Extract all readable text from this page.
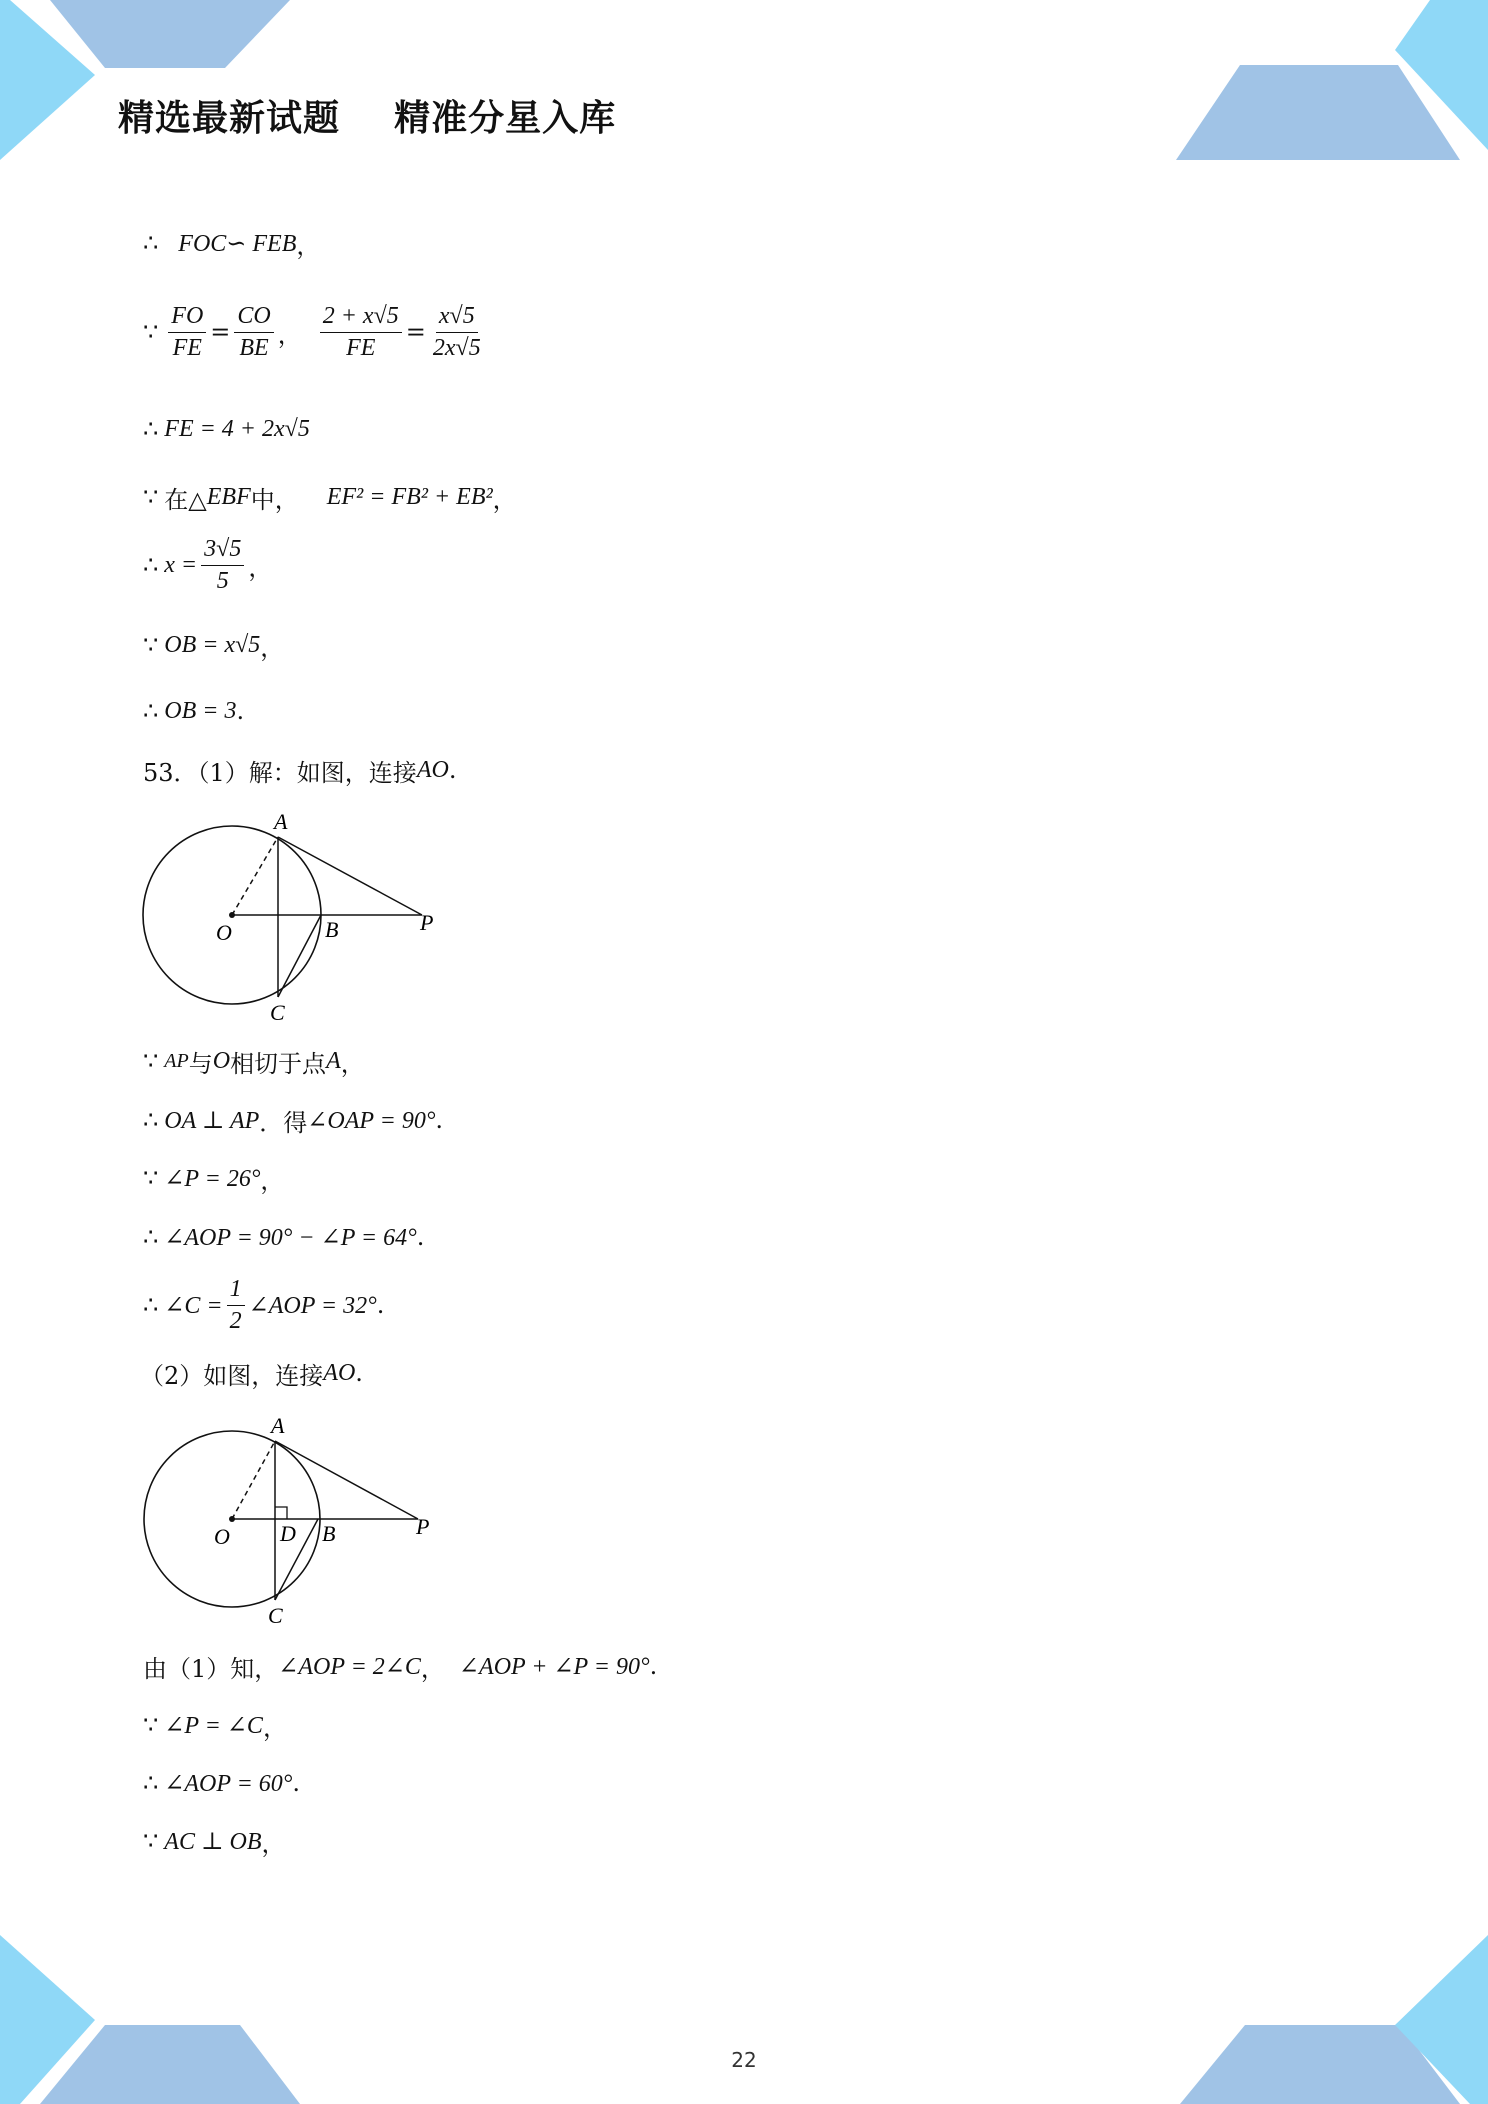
精选最新试题    精准分星入库
∴ FOC∽ FEB ，
∵ $\frac{FO}{FE} = \frac{CO}{BE}$ ， $\frac{2 + x√5}{FE} = \frac{x√5}{2x√5}$
∴ FE = 4 + 2x√5
∵ 在△ EBF 中， EF² = FB² + EB² ，
∴ $x = \frac{3√5}{5}$ ，
∵ OB = x√5 ，
∴ OB = 3 .
53．（1）解：如图，连接 AO .
A
O	B	P
C
∵ AP 与 O 相切于点 A ，
∴ OA ⊥ AP ．得 ∠OAP = 90° .
∵ ∠P = 26° ，
∴ ∠AOP = 90° − ∠P = 64° .
∴ ∠C = $\frac{1}{2}$ ∠AOP = 32° .
（2）如图，连接 AO .
A
O D B	P
C
由（1）知， ∠AOP = 2∠C ， ∠AOP + ∠P = 90° .
∵ ∠P = ∠C ，
∴ ∠AOP = 60° .
∵ AC ⊥ OB ，
22
